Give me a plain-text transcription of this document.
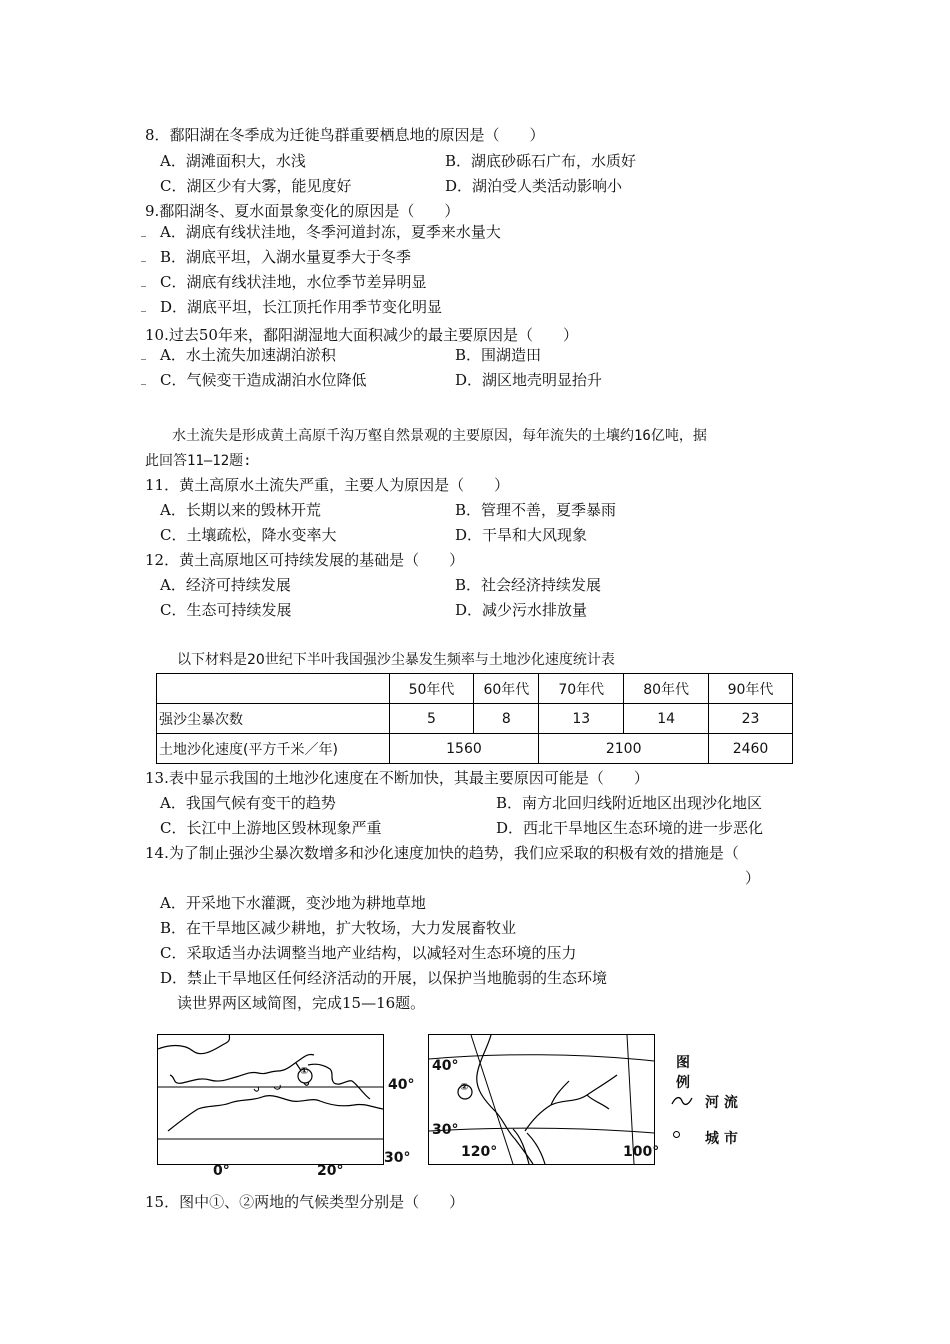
8．鄱阳湖在冬季成为迁徙鸟群重要栖息地的原因是（　　）
A．湖滩面积大，水浅	B．湖底砂砾石广布，水质好
C．湖区少有大雾，能见度好	D．湖泊受人类活动影响小
9.鄱阳湖冬、夏水面景象变化的原因是（　　）
A．湖底有线状洼地，冬季河道封冻，夏季来水量大
B．湖底平坦，入湖水量夏季大于冬季
C．湖底有线状洼地，水位季节差异明显
D．湖底平坦，长江顶托作用季节变化明显
10.过去50年来，鄱阳湖湿地大面积减少的最主要原因是（　　）
A．水土流失加速湖泊淤积	B．围湖造田
C．气候变干造成湖泊水位降低	D．湖区地壳明显抬升
水土流失是形成黄土高原千沟万壑自然景观的主要原因，每年流失的土壤约16亿吨，据
此回答11—12题:
11．黄土高原水土流失严重，主要人为原因是（　　）
A．长期以来的毁林开荒	B．管理不善，夏季暴雨
C．土壤疏松，降水变率大	D．干旱和大风现象
12．黄土高原地区可持续发展的基础是（　　）
A．经济可持续发展	B．社会经济持续发展
C．生态可持续发展	D．减少污水排放量
以下材料是20世纪下半叶我国强沙尘暴发生频率与土地沙化速度统计表
	50年代	60年代	70年代	80年代	90年代
强沙尘暴次数	5	8	13	14	23
土地沙化速度(平方千米／年)	1560		2100		2460
13.表中显示我国的土地沙化速度在不断加快，其最主要原因可能是（　　）
A．我国气候有变干的趋势	B．南方北回归线附近地区出现沙化地区
C．长江中上游地区毁林现象严重	D．西北干旱地区生态环境的进一步恶化
14.为了制止强沙尘暴次数增多和沙化速度加快的趋势，我们应采取的积极有效的措施是（
）
A．开采地下水灌溉，变沙地为耕地草地
B．在干旱地区减少耕地，扩大牧场，大力发展畜牧业
C．采取适当办法调整当地产业结构，以减轻对生态环境的压力
D．禁止干旱地区任何经济活动的开展，以保护当地脆弱的生态环境
读世界两区域简图，完成15—16题。
①
40°
30°
0°	20°
②
40°
30°
120°	100°
图
例
河 流
城 市
15．图中①、②两地的气候类型分别是（　　）
